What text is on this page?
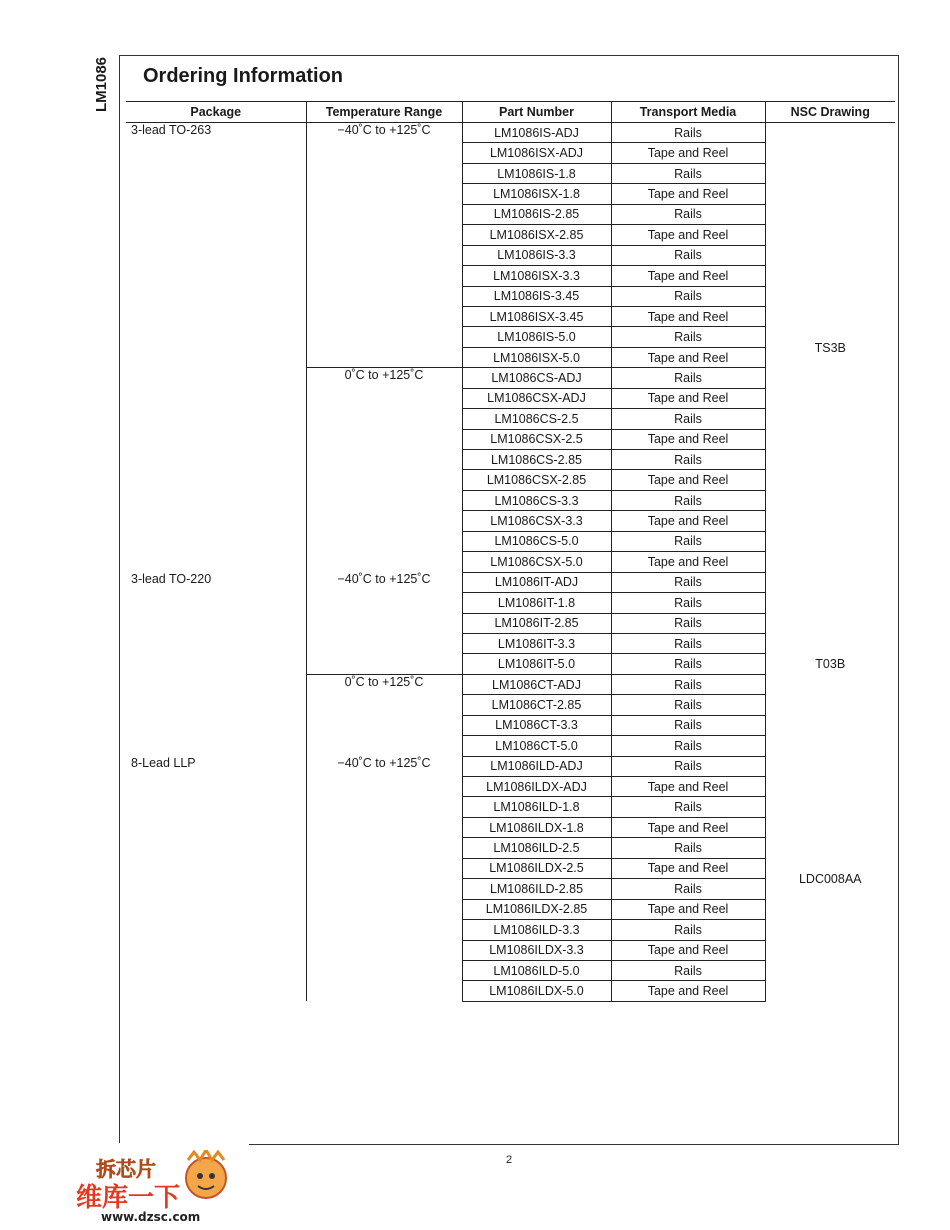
LM1086 Ordering Information
Package	Temperature Range	Part Number	Transport Media	NSC Drawing
3-lead TO-263	−40˚C to +125˚C	LM1086IS-ADJ	Rails	TS3B
		LM1086ISX-ADJ	Tape and Reel	
		LM1086IS-1.8	Rails	
		LM1086ISX-1.8	Tape and Reel	
		LM1086IS-2.85	Rails	
		LM1086ISX-2.85	Tape and Reel	
		LM1086IS-3.3	Rails	
		LM1086ISX-3.3	Tape and Reel	
		LM1086IS-3.45	Rails	
		LM1086ISX-3.45	Tape and Reel	
		LM1086IS-5.0	Rails	
		LM1086ISX-5.0	Tape and Reel	
	0˚C to +125˚C	LM1086CS-ADJ	Rails	
		LM1086CSX-ADJ	Tape and Reel	
		LM1086CS-2.5	Rails	
		LM1086CSX-2.5	Tape and Reel	
		LM1086CS-2.85	Rails	
		LM1086CSX-2.85	Tape and Reel	
		LM1086CS-3.3	Rails	
		LM1086CSX-3.3	Tape and Reel	
		LM1086CS-5.0	Rails	
		LM1086CSX-5.0	Tape and Reel	
3-lead TO-220	−40˚C to +125˚C	LM1086IT-ADJ	Rails	T03B
		LM1086IT-1.8	Rails	
		LM1086IT-2.85	Rails	
		LM1086IT-3.3	Rails	
		LM1086IT-5.0	Rails	
	0˚C to +125˚C	LM1086CT-ADJ	Rails	
		LM1086CT-2.85	Rails	
		LM1086CT-3.3	Rails	
		LM1086CT-5.0	Rails	
8-Lead LLP	−40˚C to +125˚C	LM1086ILD-ADJ	Rails	LDC008AA
		LM1086ILDX-ADJ	Tape and Reel	
		LM1086ILD-1.8	Rails	
		LM1086ILDX-1.8	Tape and Reel	
		LM1086ILD-2.5	Rails	
		LM1086ILDX-2.5	Tape and Reel	
		LM1086ILD-2.85	Rails	
		LM1086ILDX-2.85	Tape and Reel	
		LM1086ILD-3.3	Rails	
		LM1086ILDX-3.3	Tape and Reel	
		LM1086ILD-5.0	Rails	
		LM1086ILDX-5.0	Tape and Reel	
2
拆芯片
维库一下
www.dzsc.com
